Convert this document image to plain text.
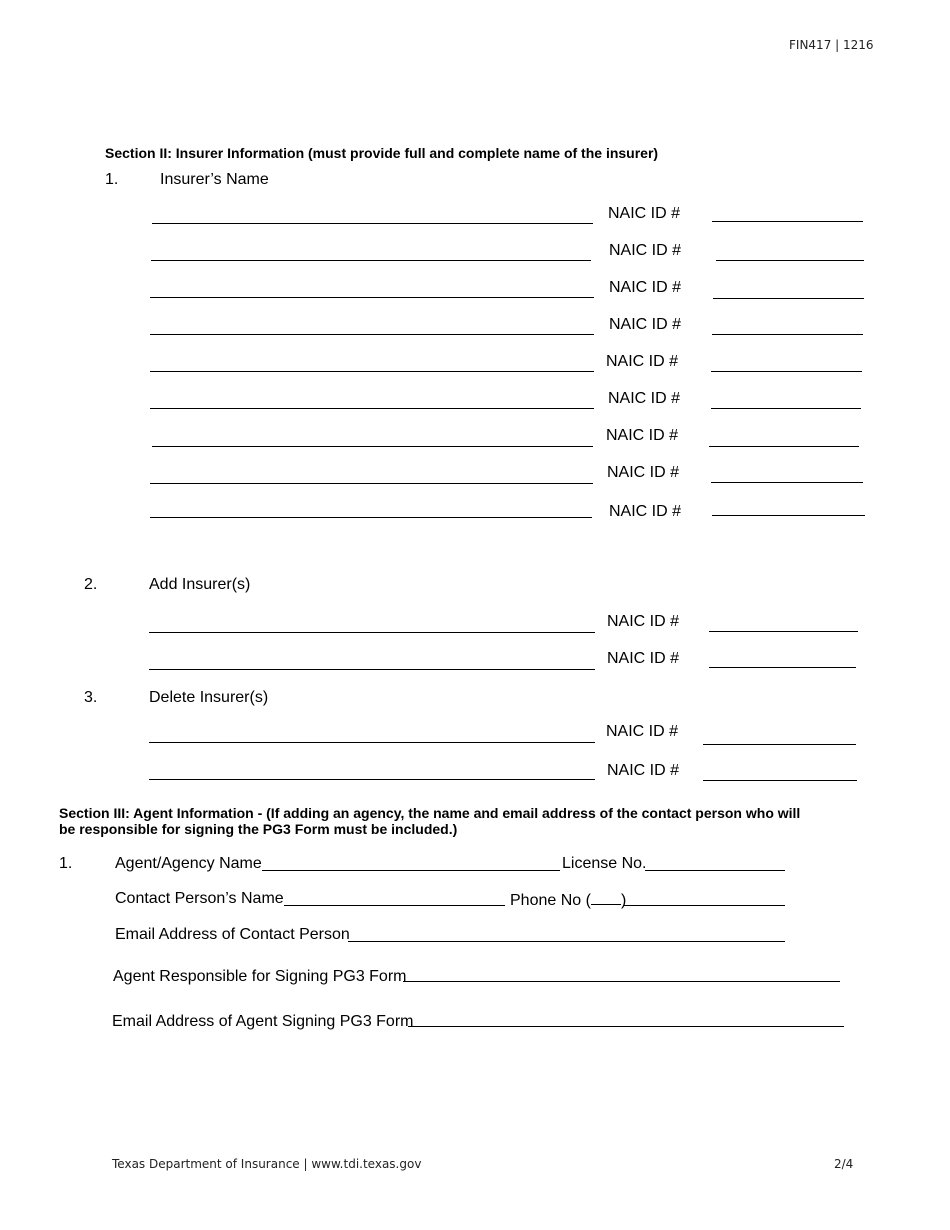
FIN417 | 1216
Section II: Insurer Information (must provide full and complete name of the insurer)
1.	Insurer’s Name
NAIC ID #
NAIC ID #
NAIC ID #
NAIC ID #
NAIC ID #
NAIC ID #
NAIC ID #
NAIC ID #
NAIC ID #
2.	Add Insurer(s)
NAIC ID #
NAIC ID #
3.	Delete Insurer(s)
NAIC ID #
NAIC ID #
Section III: Agent Information - (If adding an agency, the name and email address of the contact person who will be responsible for signing the PG3 Form must be included.)
1.	Agent/Agency Name	License No.
Contact Person’s Name	Phone No ( )
Email Address of Contact Person
Agent Responsible for Signing PG3 Form
Email Address of Agent Signing PG3 Form
Texas Department of Insurance | www.tdi.texas.gov	2/4
